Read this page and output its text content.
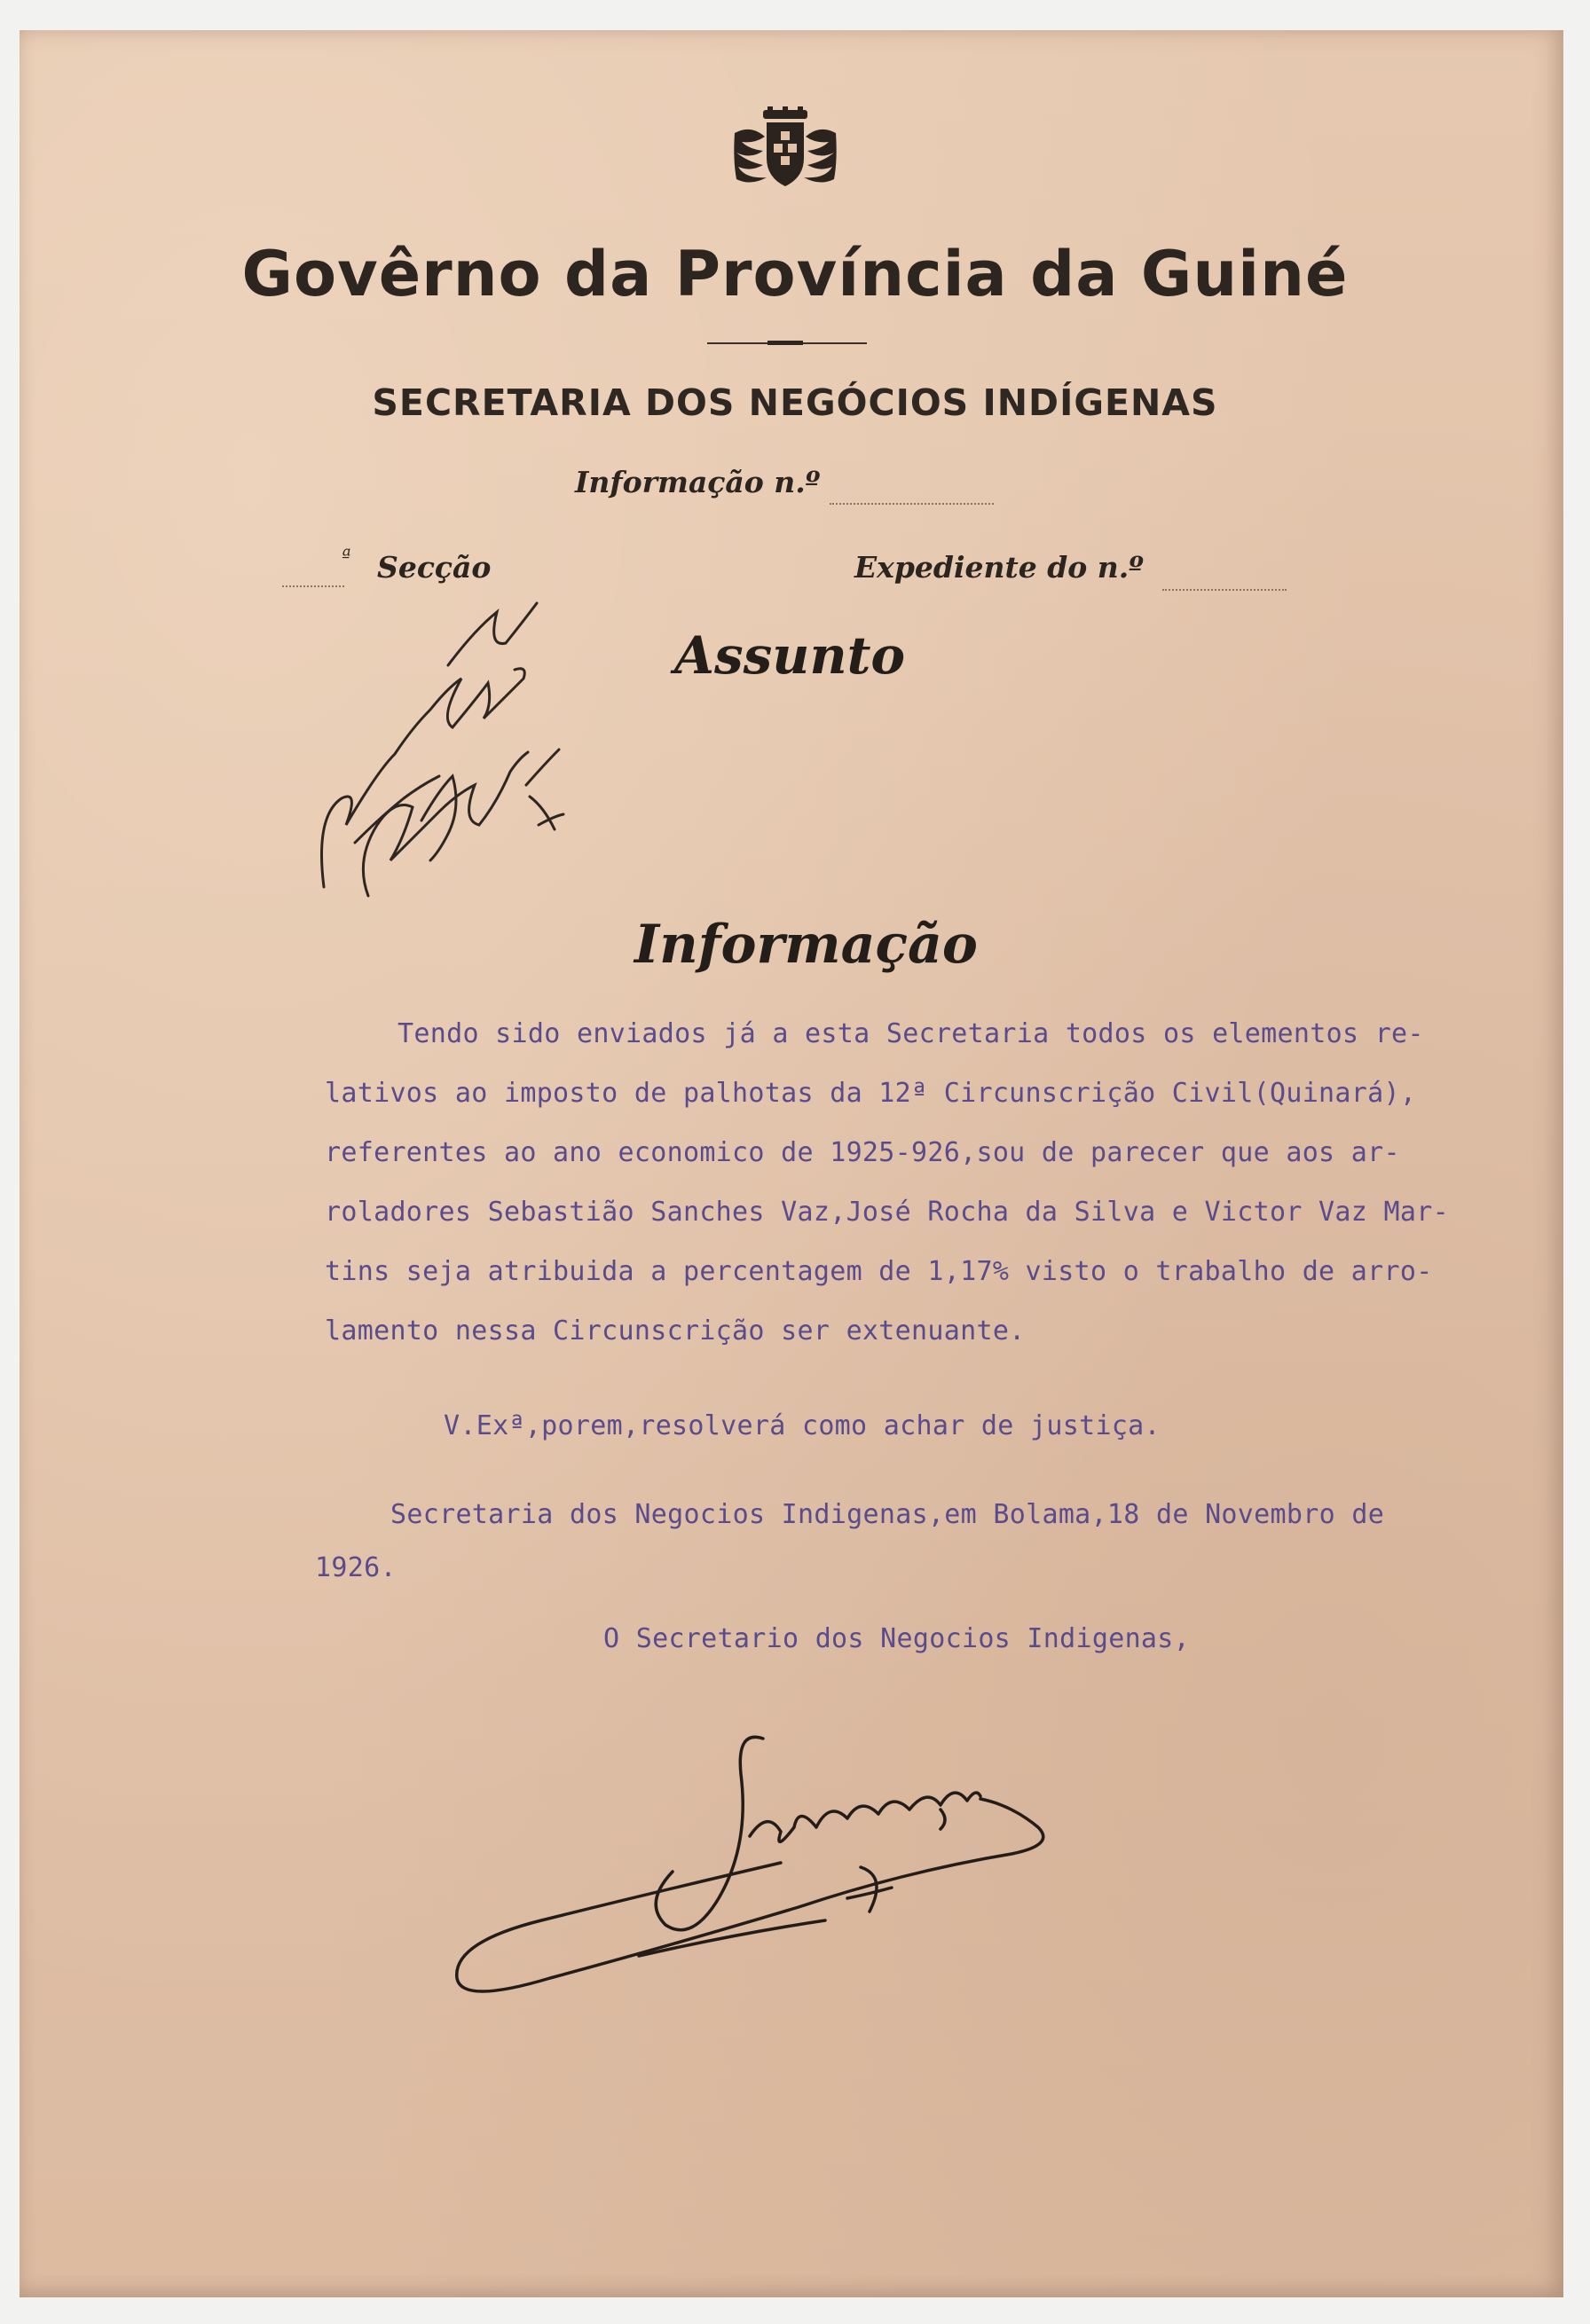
Govêrno da Província da Guiné
SECRETARIA DOS NEGÓCIOS INDÍGENAS
Informação n.º
ª Secção	Expediente do n.º
Assunto
Informação
Tendo sido enviados já a esta Secretaria todos os elementos re-
lativos ao imposto de palhotas da 12ª Circunscrição Civil(Quinará),
referentes ao ano economico de 1925-926,sou de parecer que aos ar-
roladores Sebastião Sanches Vaz,José Rocha da Silva e Victor Vaz Mar-
tins seja atribuida a percentagem de 1,17% visto o trabalho de arro-
lamento nessa Circunscrição ser extenuante.
V.Exª,porem,resolverá como achar de justiça.
Secretaria dos Negocios Indigenas,em Bolama,18 de Novembro de
1926.
O Secretario dos Negocios Indigenas,
